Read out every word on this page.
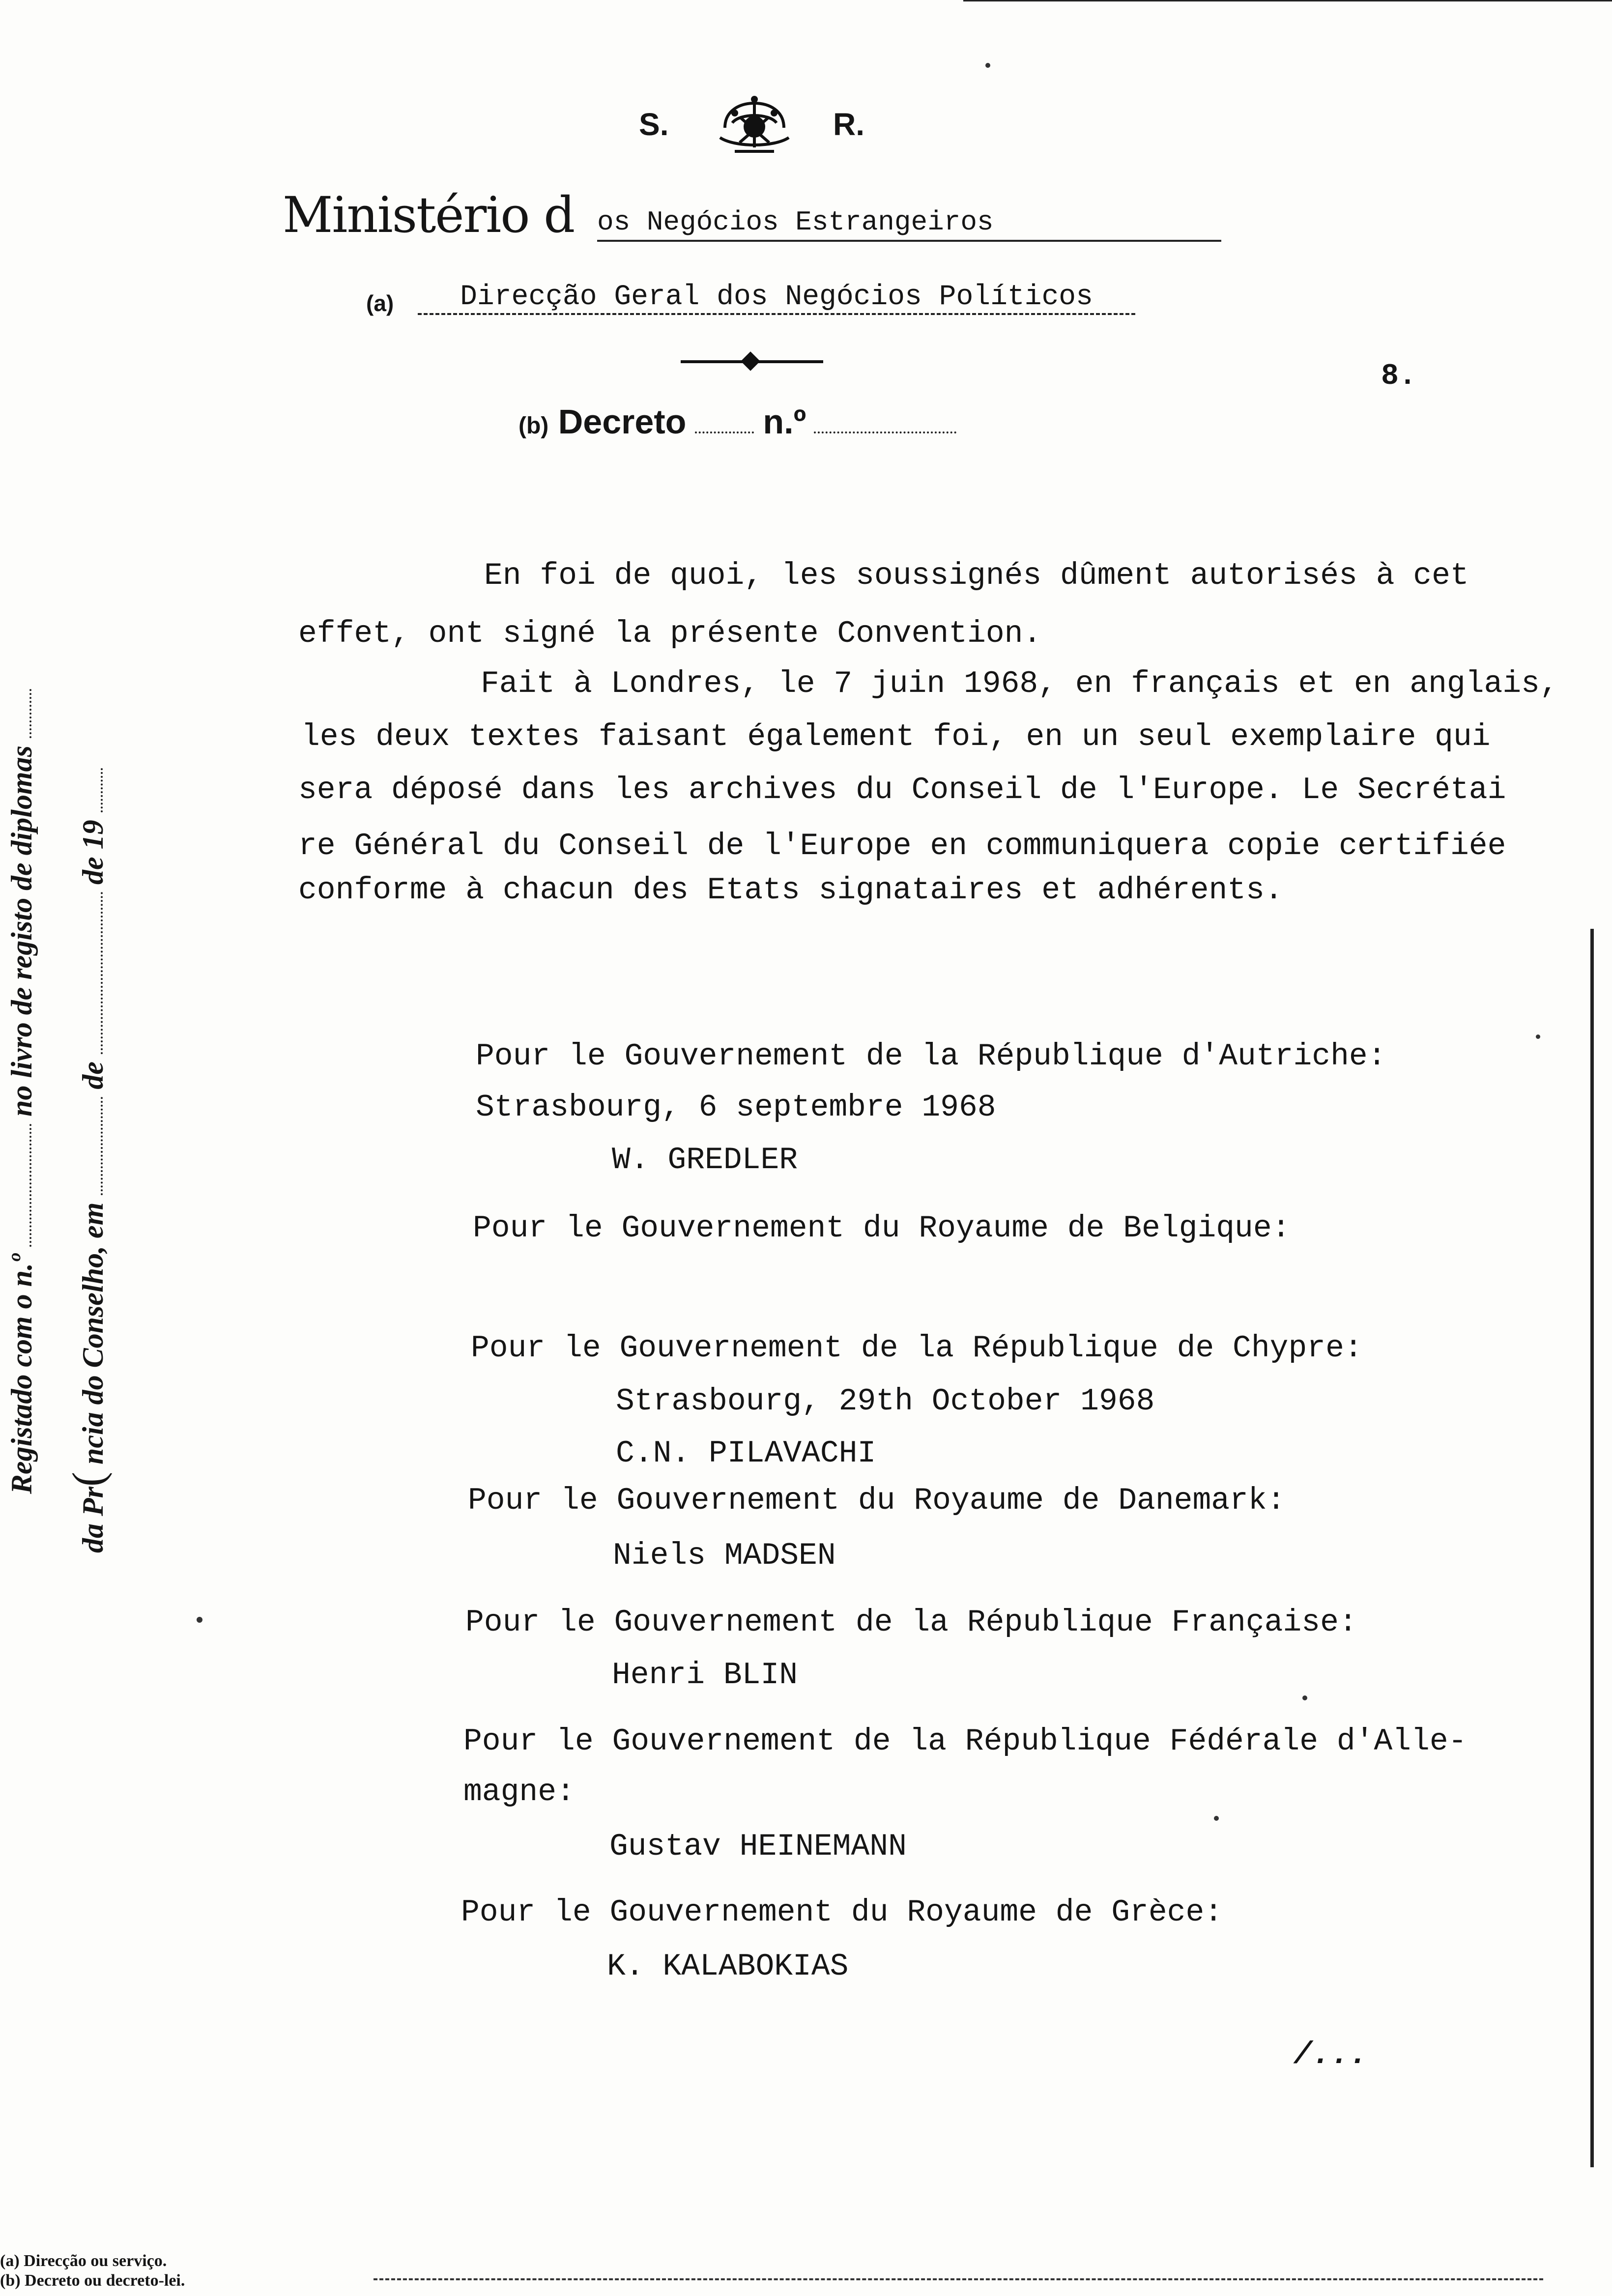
S.	R.
Ministério d os Negócios Estrangeiros
(a)	Direcção Geral dos Negócios Políticos
8.
(b) Decreto n.º
Registado com o n.º  no livro de registo de diplomas
da Pr( ncia do Conselho, em  de  de 19
En foi de quoi, les soussignés dûment autorisés à cet
effet, ont signé la présente Convention.
Fait à Londres, le 7 juin 1968, en français et en anglais,
les deux textes faisant également foi, en un seul exemplaire qui
sera déposé dans les archives du Conseil de l'Europe. Le Secrétai
re Général du Conseil de l'Europe en communiquera copie certifiée
conforme à chacun des Etats signataires et adhérents.
Pour le Gouvernement de la République d'Autriche:
Strasbourg, 6 septembre 1968
W. GREDLER
Pour le Gouvernement du Royaume de Belgique:
Pour le Gouvernement de la République de Chypre:
Strasbourg, 29th October 1968
C.N. PILAVACHI
Pour le Gouvernement du Royaume de Danemark:
Niels MADSEN
Pour le Gouvernement de la République Française:
Henri BLIN
Pour le Gouvernement de la République Fédérale d'Alle-
magne:
Gustav HEINEMANN
Pour le Gouvernement du Royaume de Grèce:
K. KALABOKIAS
/...
(a) Direcção ou serviço.
(b) Decreto ou decreto-lei.
